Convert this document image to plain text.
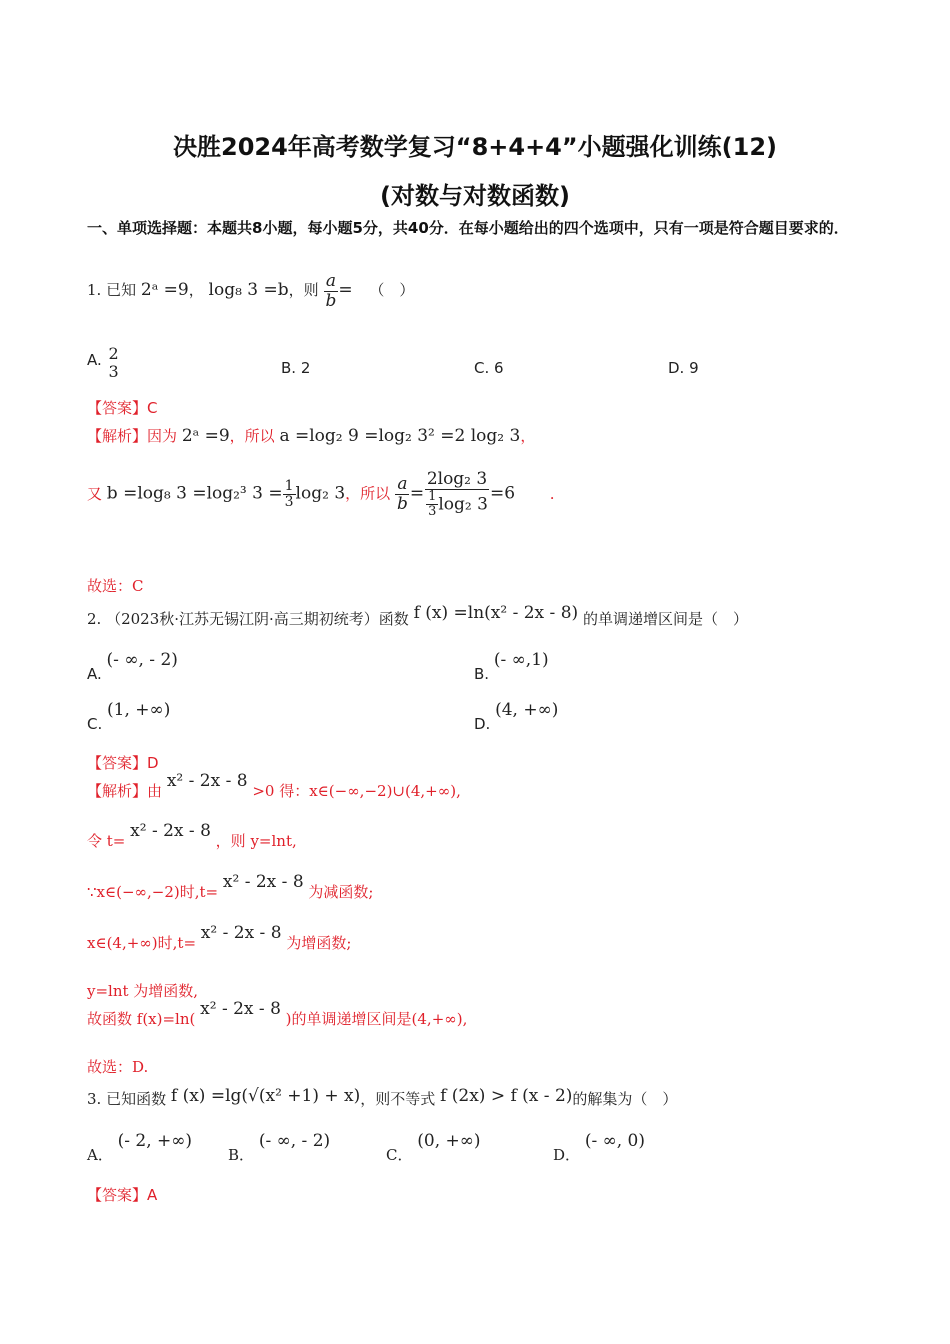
决胜2024年高考数学复习“8+4+4”小题强化训练(12)
(对数与对数函数)
一、单项选择题：本题共8小题，每小题5分，共40分．在每小题给出的四个选项中，只有一项是符合题目要求的．
1. 已知 2ᵃ =9， log₈ 3 =b，则 $\frac{a}{b}$ = （　）
A. 2
3	B. 2	C. 6	D. 9
【答案】C
【解析】因为 2ᵃ =9，所以 a =log₂ 9 =log₂ 3² =2 log₂ 3，
又 b =log₈ 3 =log₂³ $3 = \frac{1}{3} \log_2$ 3，所以 $\frac{a}{b} = \frac{\text{2log₂ 3}}{\frac{1}{3} \log_2 3} =6$ .
故选：C
2. （2023秋·江苏无锡江阴·高三期初统考）函数 f (x) =ln(x² - 2x - 8) 的单调递增区间是（　）
A. (- ∞, - 2)
B. (- ∞,1)
C. (1, +∞)
D. (4, +∞)
【答案】D
【解析】由 x² - 2x - 8 >0 得：x∈(−∞,−2)∪(4,+∞),
令 t= x² - 2x - 8 ，则 y=lnt,
∵x∈(−∞,−2)时,t= x² - 2x - 8 为减函数;
x∈(4,+∞)时,t= x² - 2x - 8 为增函数;
y=lnt 为增函数,
故函数 f(x)=ln( x² - 2x - 8 )的单调递增区间是(4,+∞),
故选：D.
3. 已知函数 f (x) =lg(√(x² +1) + x)，则不等式 f (2x) > f (x - 2)的解集为（　）
A． (- 2, +∞)
B． (- ∞, - 2)
C． (0, +∞)
D． (- ∞, 0)
【答案】A
